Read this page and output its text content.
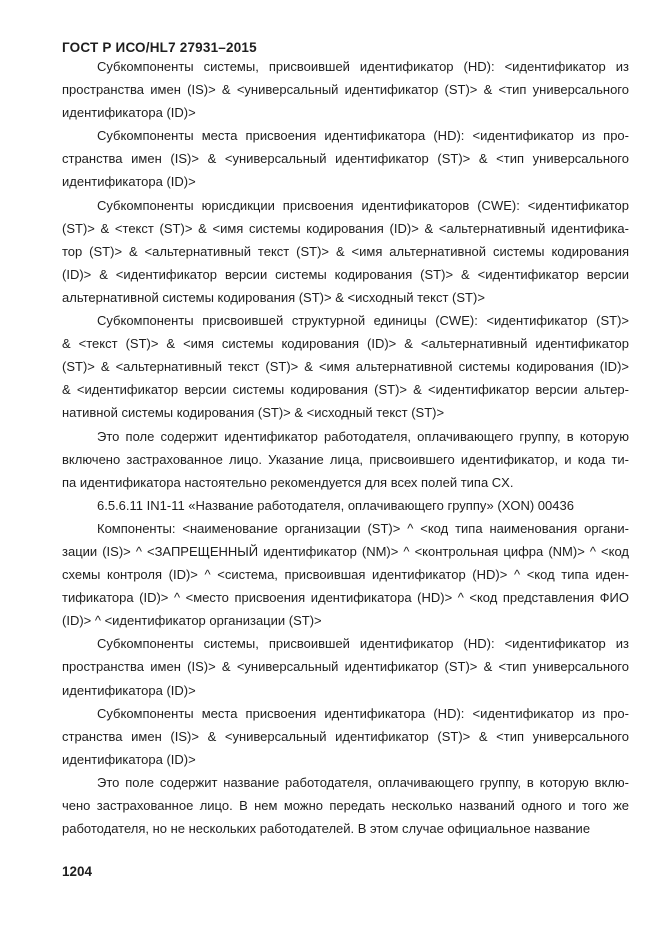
ГОСТ Р ИСО/HL7 27931–2015
Субкомпоненты системы, присвоившей идентификатор (HD): <идентификатор из
пространства имен (IS)> & <универсальный идентификатор (ST)> & <тип универсального
идентификатора (ID)>
Субкомпоненты места присвоения идентификатора (HD): <идентификатор из про-
странства имен (IS)> & <универсальный идентификатор (ST)> & <тип универсального
идентификатора (ID)>
Субкомпоненты юрисдикции присвоения идентификаторов (CWE): <идентификатор
(ST)> & <текст (ST)> & <имя системы кодирования (ID)> & <альтернативный идентифика-
тор (ST)> & <альтернативный текст (ST)> & <имя альтернативной системы кодирования
(ID)> & <идентификатор версии системы кодирования (ST)> & <идентификатор версии
альтернативной системы кодирования (ST)> & <исходный текст (ST)>
Субкомпоненты присвоившей структурной единицы (CWE): <идентификатор (ST)>
& <текст (ST)> & <имя системы кодирования (ID)> & <альтернативный идентификатор
(ST)> & <альтернативный текст (ST)> & <имя альтернативной системы кодирования (ID)>
& <идентификатор версии системы кодирования (ST)> & <идентификатор версии альтер-
нативной системы кодирования (ST)> & <исходный текст (ST)>
Это поле содержит идентификатор работодателя, оплачивающего группу, в которую
включено застрахованное лицо. Указание лица, присвоившего идентификатор, и кода ти-
па идентификатора настоятельно рекомендуется для всех полей типа CX.
6.5.6.11 IN1-11 «Название работодателя, оплачивающего группу» (XON) 00436
Компоненты: <наименование организации (ST)> ^ <код типа наименования органи-
зации (IS)> ^ <ЗАПРЕЩЕННЫЙ идентификатор (NM)> ^ <контрольная цифра (NM)> ^ <код
схемы контроля (ID)> ^ <система, присвоившая идентификатор (HD)> ^ <код типа иден-
тификатора (ID)> ^ <место присвоения идентификатора (HD)> ^ <код представления ФИО
(ID)> ^ <идентификатор организации (ST)>
Субкомпоненты системы, присвоившей идентификатор (HD): <идентификатор из
пространства имен (IS)> & <универсальный идентификатор (ST)> & <тип универсального
идентификатора (ID)>
Субкомпоненты места присвоения идентификатора (HD): <идентификатор из про-
странства имен (IS)> & <универсальный идентификатор (ST)> & <тип универсального
идентификатора (ID)>
Это поле содержит название работодателя, оплачивающего группу, в которую вклю-
чено застрахованное лицо. В нем можно передать несколько названий одного и того же
работодателя, но не нескольких работодателей. В этом случае официальное название
1204
